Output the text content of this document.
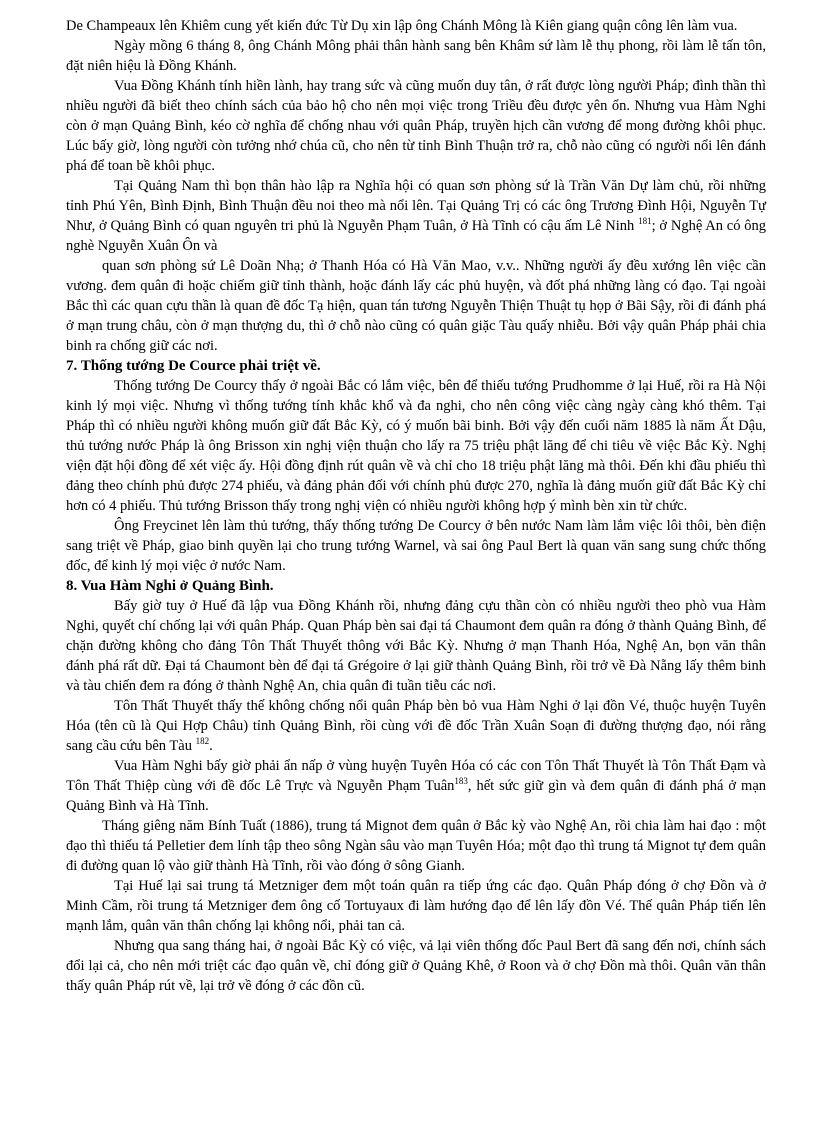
De Champeaux lên Khiêm cung yết kiến đức Từ Dụ xin lập ông Chánh Mông là Kiên giang quận công lên làm vua.

Ngày mồng 6 tháng 8, ông Chánh Mông phải thân hành sang bên Khâm sứ làm lễ thụ phong, rồi làm lễ tấn tôn, đặt niên hiệu là Đồng Khánh.

Vua Đồng Khánh tính hiền lành, hay trang sức và cũng muốn duy tân, ở rất được lòng người Pháp; đình thần thì nhiều người đã biết theo chính sách của bảo hộ cho nên mọi việc trong Triều đều được yên ổn. Nhưng vua Hàm Nghi còn ở mạn Quảng Bình, kéo cờ nghĩa để chống nhau với quân Pháp, truyền hịch cần vương để mong đường khôi phục. Lúc bấy giờ, lòng người còn tưởng nhớ chúa cũ, cho nên từ tỉnh Bình Thuận trở ra, chỗ nào cũng có người nổi lên đánh phá để toan bề khôi phục.

Tại Quảng Nam thì bọn thân hào lập ra Nghĩa hội có quan sơn phòng sứ là Trần Văn Dự làm chủ, rồi những tỉnh Phú Yên, Bình Định, Bình Thuận đều noi theo mà nổi lên. Tại Quảng Trị có các ông Trương Đình Hội, Nguyễn Tự Như, ở Quảng Bình có quan nguyên tri phủ là Nguyễn Phạm Tuân, ở Hà Tĩnh có cậu ấm Lê Ninh $^{181}$; ở Nghệ An có ông nghè Nguyễn Xuân Ôn và

quan sơn phòng sứ Lê Doãn Nhạ; ở Thanh Hóa có Hà Văn Mao, v.v.. Những người ấy đều xướng lên việc cần vương. đem quân đi hoặc chiếm giữ tỉnh thành, hoặc đánh lấy các phủ huyện, và đốt phá những làng có đạo. Tại ngoài Bắc thì các quan cựu thần là quan đề đốc Tạ hiện, quan tán tương Nguyễn Thiện Thuật tụ họp ở Bãi Sậy, rồi đi đánh phá ở mạn trung châu, còn ở mạn thượng du, thì ở chỗ nào cũng có quân giặc Tàu quấy nhiễu. Bởi vậy quân Pháp phải chia binh ra chống giữ các nơi.

7. Thống tướng De Cource phải triệt về.

Thống tướng De Courcy thấy ở ngoài Bắc có lắm việc, bên để thiếu tướng Prudhomme ở lại Huế, rồi ra Hà Nội kinh lý mọi việc. Nhưng vì thống tướng tính khắc khổ và đa nghi, cho nên công việc càng ngày càng khó thêm. Tại Pháp thì có nhiều người không muốn giữ đất Bắc Kỳ, có ý muốn bãi binh. Bởi vậy đến cuối năm 1885 là năm Ất Dậu, thủ tướng nước Pháp là ông Brisson xin nghị viện thuận cho lấy ra 75 triệu phật lăng để chi tiêu về việc Bắc Kỳ. Nghị viện đặt hội đồng để xét việc ấy. Hội đồng định rút quân về và chỉ cho 18 triệu phật lăng mà thôi. Đến khi đầu phiếu thì đảng theo chính phủ được 274 phiếu, và đảng phản đối với chính phủ được 270, nghĩa là đảng muốn giữ đất Bắc Kỳ chỉ hơn có 4 phiếu. Thủ tướng Brisson thấy trong nghị viện có nhiều người không hợp ý mình bèn xin từ chức.

Ông Freycinet lên làm thủ tướng, thấy thống tướng De Courcy ở bên nước Nam làm lắm việc lôi thôi, bèn điện sang triệt về Pháp, giao binh quyền lại cho trung tướng Warnel, và sai ông Paul Bert là quan văn sang sung chức thống đốc, để kinh lý mọi việc ở nước Nam.

8. Vua Hàm Nghi ở Quảng Bình.

Bấy giờ tuy ở Huế đã lập vua Đồng Khánh rồi, nhưng đảng cựu thần còn có nhiều người theo phò vua Hàm Nghi, quyết chí chống lại với quân Pháp. Quan Pháp bèn sai đại tá Chaumont đem quân ra đóng ở thành Quảng Bình, để chặn đường không cho đảng Tôn Thất Thuyết thông với Bắc Kỳ. Nhưng ở mạn Thanh Hóa, Nghệ An, bọn văn thân đánh phá rất dữ. Đại tá Chaumont bèn để đại tá Grégoire ở lại giữ thành Quảng Bình, rồi trở về Đà Nẵng lấy thêm binh và tàu chiến đem ra đóng ở thành Nghệ An, chia quân đi tuần tiễu các nơi.

Tôn Thất Thuyết thấy thế không chống nổi quân Pháp bèn bỏ vua Hàm Nghi ở lại đồn Vé, thuộc huyện Tuyên Hóa (tên cũ là Qui Hợp Châu) tỉnh Quảng Bình, rồi cùng với đề đốc Trần Xuân Soạn đi đường thượng đạo, nói rằng sang cầu cứu bên Tàu $^{182}$.

Vua Hàm Nghi bấy giờ phải ẩn nấp ở vùng huyện Tuyên Hóa có các con Tôn Thất Thuyết là Tôn Thất Đạm và Tôn Thất Thiệp cùng với đề đốc Lê Trực và Nguyễn Phạm Tuân$^{183}$, hết sức giữ gìn và đem quân đi đánh phá ở mạn Quảng Bình và Hà Tĩnh.

Tháng giêng năm Bính Tuất (1886), trung tá Mignot đem quân ở Bắc kỳ vào Nghệ An, rồi chia làm hai đạo : một đạo thì thiếu tá Pelletier đem lính tập theo sông Ngàn sâu vào mạn Tuyên Hóa; một đạo thì trung tá Mignot tự đem quân đi đường quan lộ vào giữ thành Hà Tĩnh, rồi vào đóng ở sông Gianh.

Tại Huế lại sai trung tá Metzniger đem một toán quân ra tiếp ứng các đạo. Quân Pháp đóng ở chợ Đồn và ở Minh Cầm, rồi trung tá Metzniger đem ông cố Tortuyaux đi làm hướng đạo để lên lấy đồn Vé. Thế quân Pháp tiến lên mạnh lắm, quân văn thân chống lại không nổi, phải tan cả.

Nhưng qua sang tháng hai, ở ngoài Bắc Kỳ có việc, vả lại viên thống đốc Paul Bert đã sang đến nơi, chính sách đổi lại cả, cho nên mới triệt các đạo quân về, chỉ đóng giữ ở Quảng Khê, ở Roon và ở chợ Đồn mà thôi. Quân văn thân thấy quân Pháp rút về, lại trở về đóng ở các đồn cũ.
